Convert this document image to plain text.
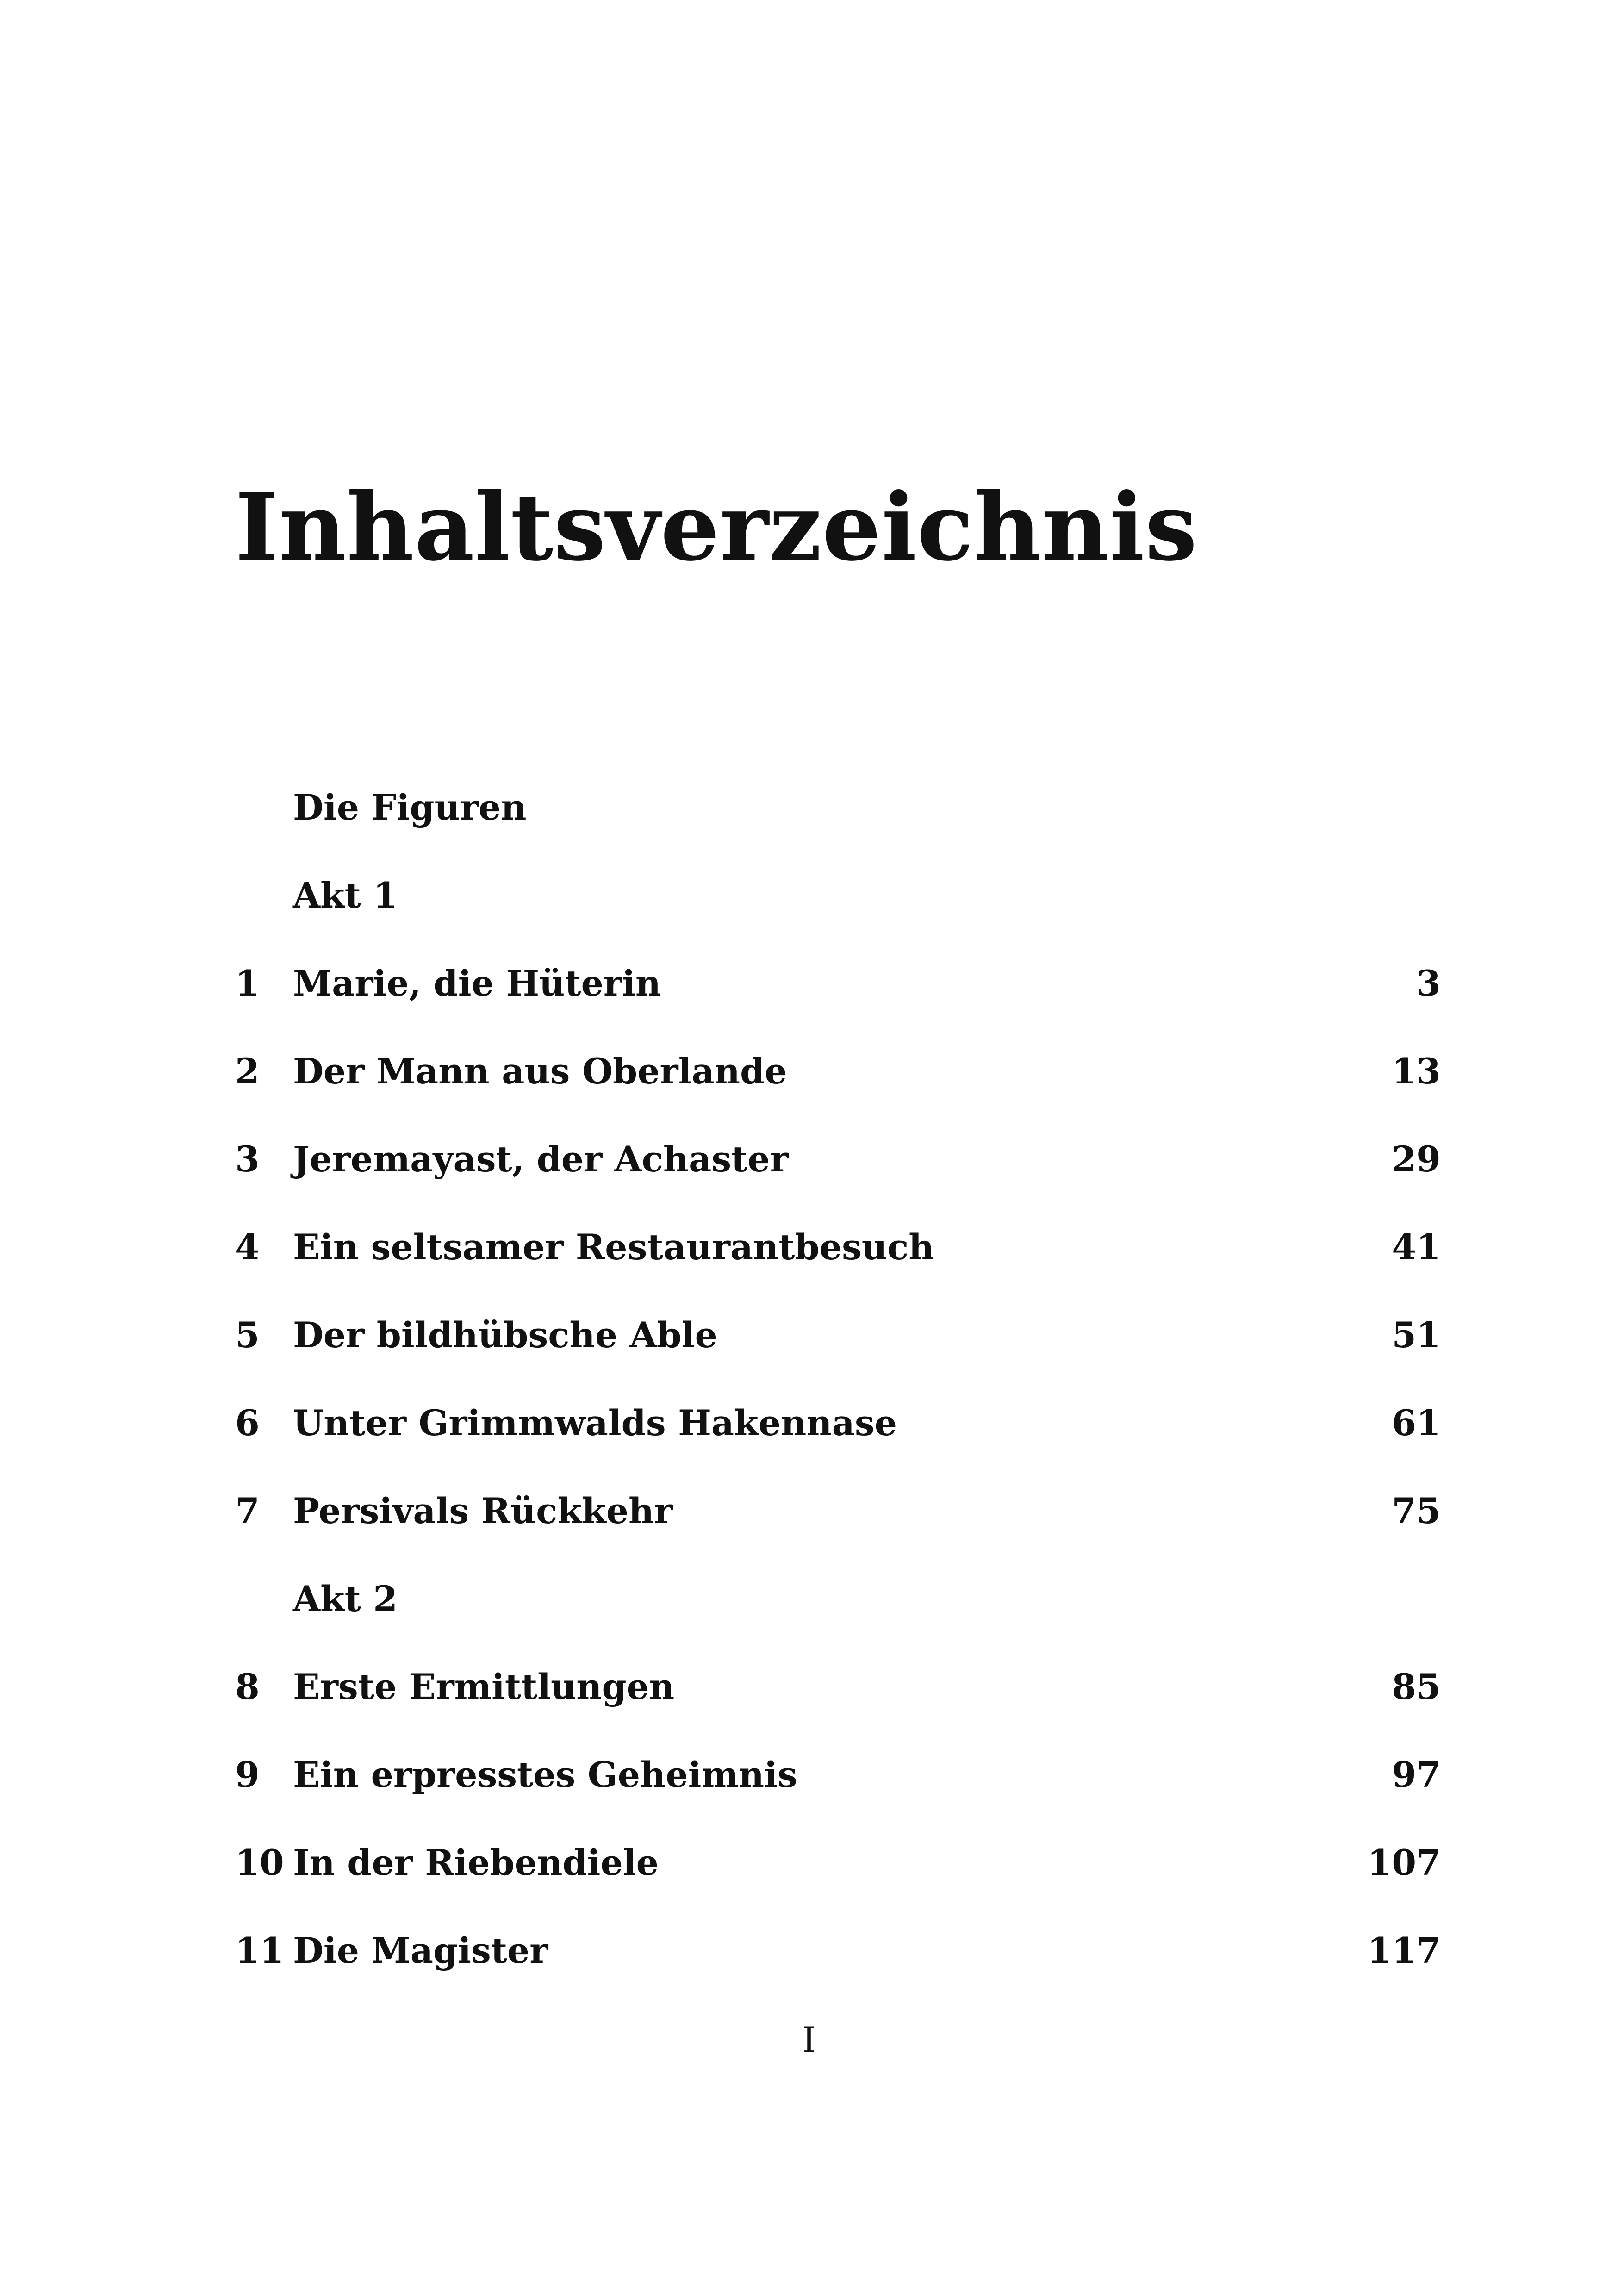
Inhaltsverzeichnis
Die Figuren
Akt 1
1 Marie, die Hüterin	3
2 Der Mann aus Oberlande	13
3 Jeremayast, der Achaster	29
4 Ein seltsamer Restaurantbesuch	41
5 Der bildhübsche Able	51
6 Unter Grimmwalds Hakennase	61
7 Persivals Rückkehr	75
Akt 2
8 Erste Ermittlungen	85
9 Ein erpresstes Geheimnis	97
10 In der Riebendiele	107
11 Die Magister	117
I
